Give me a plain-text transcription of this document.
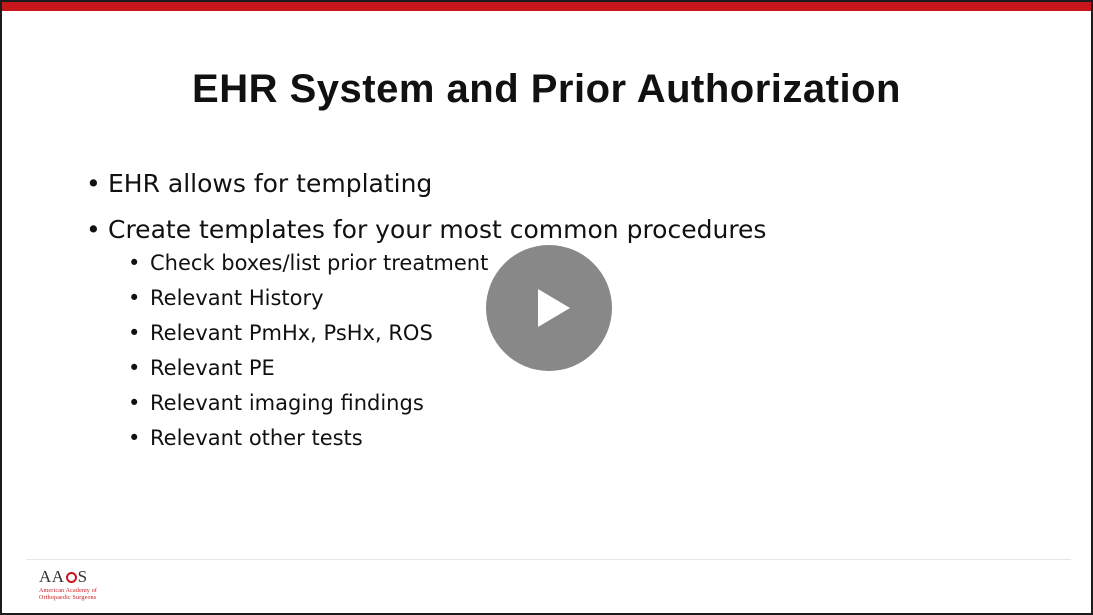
EHR System and Prior Authorization
• EHR allows for templating
• Create templates for your most common procedures
• Check boxes/list prior treatment
• Relevant History
• Relevant PmHx, PsHx, ROS
• Relevant PE
• Relevant imaging findings
• Relevant other tests
AA S
American Academy of
Orthopaedic Surgeons
